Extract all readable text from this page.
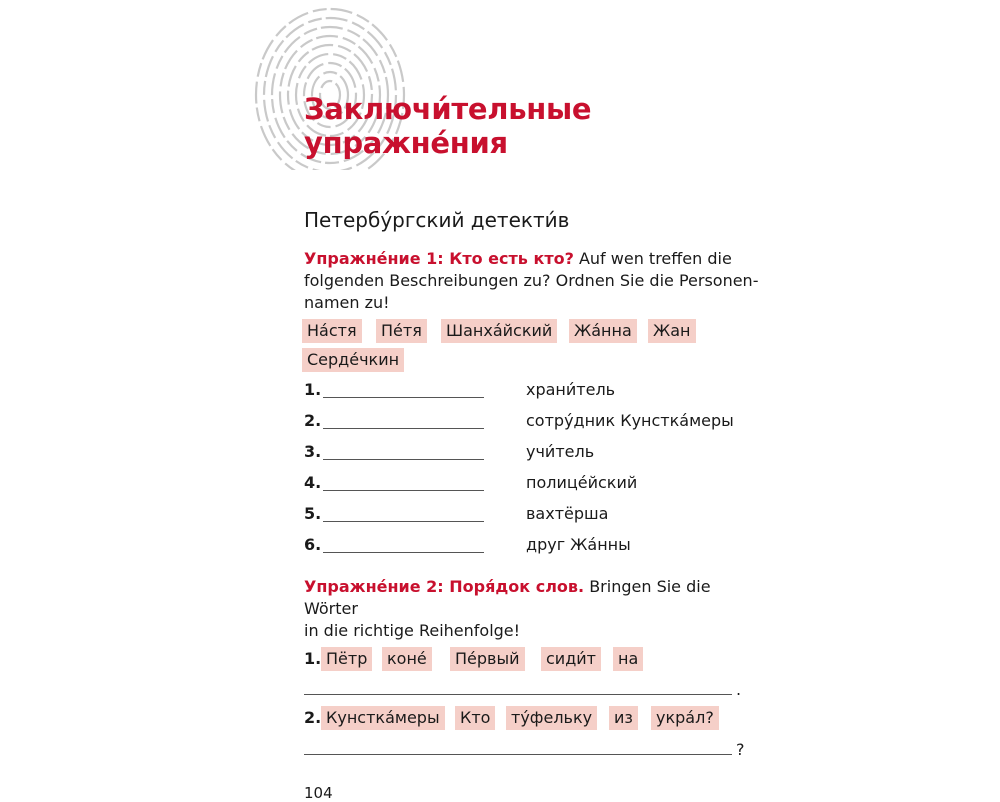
Заключи́тельные
упражне́ния
Петербу́ргский детекти́в

Упражне́ние 1: Кто есть кто? Auf wen treffen die
folgenden Beschreibungen zu? Ordnen Sie die Personen-
namen zu!

На́стя	Пе́тя	Шанха́йский	Жа́нна	Жан
Серде́чкин
1.	храни́тель
2.	сотру́дник Кунстка́меры
3.	учи́тель
4.	полице́йский
5.	вахтёрша
6.	друг Жа́нны

Упражне́ние 2: Поря́док слов. Bringen Sie die Wörter
in die richtige Reihenfolge!

1. Пётр	коне́	Пе́рвый	сиди́т	на
.
2. Кунстка́меры	Кто	ту́фельку	из	укра́л?
?
104
